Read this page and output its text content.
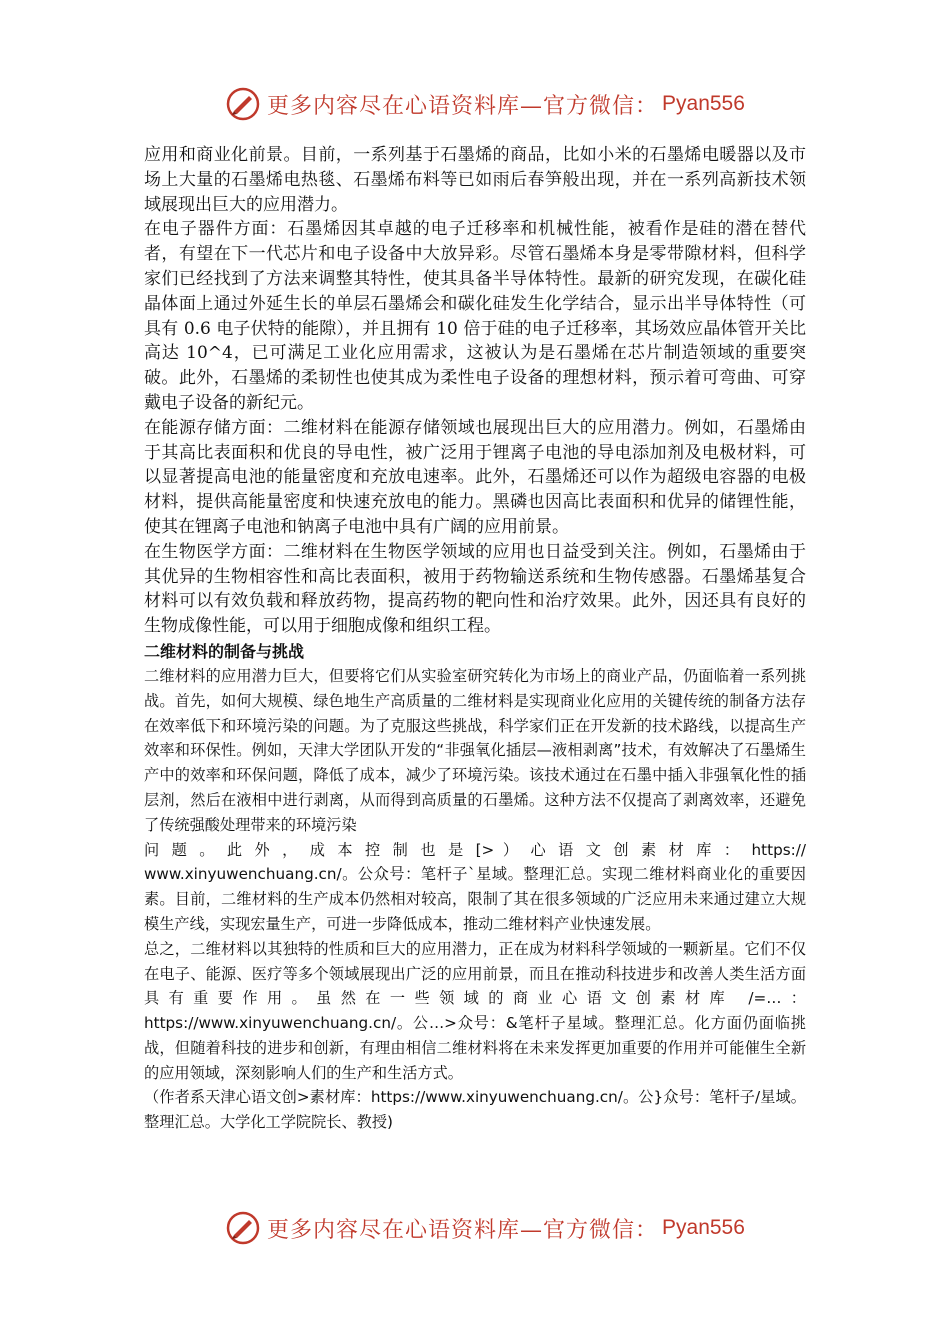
更多内容尽在心语资料库—官方微信： Pyan556

应用和商业化前景。目前，一系列基于石墨烯的商品，比如小米的石墨烯电暖器以及市场上大量的石墨烯电热毯、石墨烯布料等已如雨后春笋般出现，并在一系列高新技术领域展现出巨大的应用潜力。

在电子器件方面：石墨烯因其卓越的电子迁移率和机械性能，被看作是硅的潜在替代者，有望在下一代芯片和电子设备中大放异彩。尽管石墨烯本身是零带隙材料，但科学家们已经找到了方法来调整其特性，使其具备半导体特性。最新的研究发现，在碳化硅晶体面上通过外延生长的单层石墨烯会和碳化硅发生化学结合，显示出半导体特性（可具有 0.6 电子伏特的能隙），并且拥有 10 倍于硅的电子迁移率，其场效应晶体管开关比高达 10^4，已可满足工业化应用需求，这被认为是石墨烯在芯片制造领域的重要突破。此外，石墨烯的柔韧性也使其成为柔性电子设备的理想材料，预示着可弯曲、可穿戴电子设备的新纪元。

在能源存储方面：二维材料在能源存储领域也展现出巨大的应用潜力。例如，石墨烯由于其高比表面积和优良的导电性，被广泛用于锂离子电池的导电添加剂及电极材料，可以显著提高电池的能量密度和充放电速率。此外，石墨烯还可以作为超级电容器的电极材料，提供高能量密度和快速充放电的能力。黑磷也因高比表面积和优异的储锂性能，使其在锂离子电池和钠离子电池中具有广阔的应用前景。

在生物医学方面：二维材料在生物医学领域的应用也日益受到关注。例如，石墨烯由于其优异的生物相容性和高比表面积，被用于药物输送系统和生物传感器。石墨烯基复合材料可以有效负载和释放药物，提高药物的靶向性和治疗效果。此外，因还具有良好的生物成像性能，可以用于细胞成像和组织工程。

二维材料的制备与挑战

二维材料的应用潜力巨大，但要将它们从实验室研究转化为市场上的商业产品，仍面临着一系列挑战。首先，如何大规模、绿色地生产高质量的二维材料是实现商业化应用的关键传统的制备方法存在效率低下和环境污染的问题。为了克服这些挑战，科学家们正在开发新的技术路线，以提高生产效率和环保性。例如，天津大学团队开发的“非强氧化插层—液相剥离”技术，有效解决了石墨烯生产中的效率和环保问题，降低了成本，减少了环境污染。该技术通过在石墨中插入非强氧化性的插层剂，然后在液相中进行剥离，从而得到高质量的石墨烯。这种方法不仅提高了剥离效率，还避免了传统强酸处理带来的环境污染

问 题 。 此 外 ， 成 本 控 制 也 是 [> ） 心 语 文 创 素 材 库 ： https://

www.xinyuwenchuang.cn/。公众号：笔杆子`星域。整理汇总。实现二维材料商业化的重要因素。目前，二维材料的生产成本仍然相对较高，限制了其在很多领域的广泛应用未来通过建立大规模生产线，实现宏量生产，可进一步降低成本，推动二维材料产业快速发展。

总之，二维材料以其独特的性质和巨大的应用潜力，正在成为材料科学领域的一颗新星。它们不仅在电子、能源、医疗等多个领域展现出广泛的应用前景，而且在推动科技进步和改善人类生活方面具有重要作用。虽然在一些领域的商业心语文创素材库 /=…：https://www.xinyuwenchuang.cn/。公…>众号：&笔杆子星域。整理汇总。化方面仍面临挑战，但随着科技的进步和创新，有理由相信二维材料将在未来发挥更加重要的作用并可能催生全新的应用领域，深刻影响人们的生产和生活方式。

（作者系天津心语文创>素材库：https://www.xinyuwenchuang.cn/。公}众号：笔杆子/星域。整理汇总。大学化工学院院长、教授)

更多内容尽在心语资料库—官方微信： Pyan556
